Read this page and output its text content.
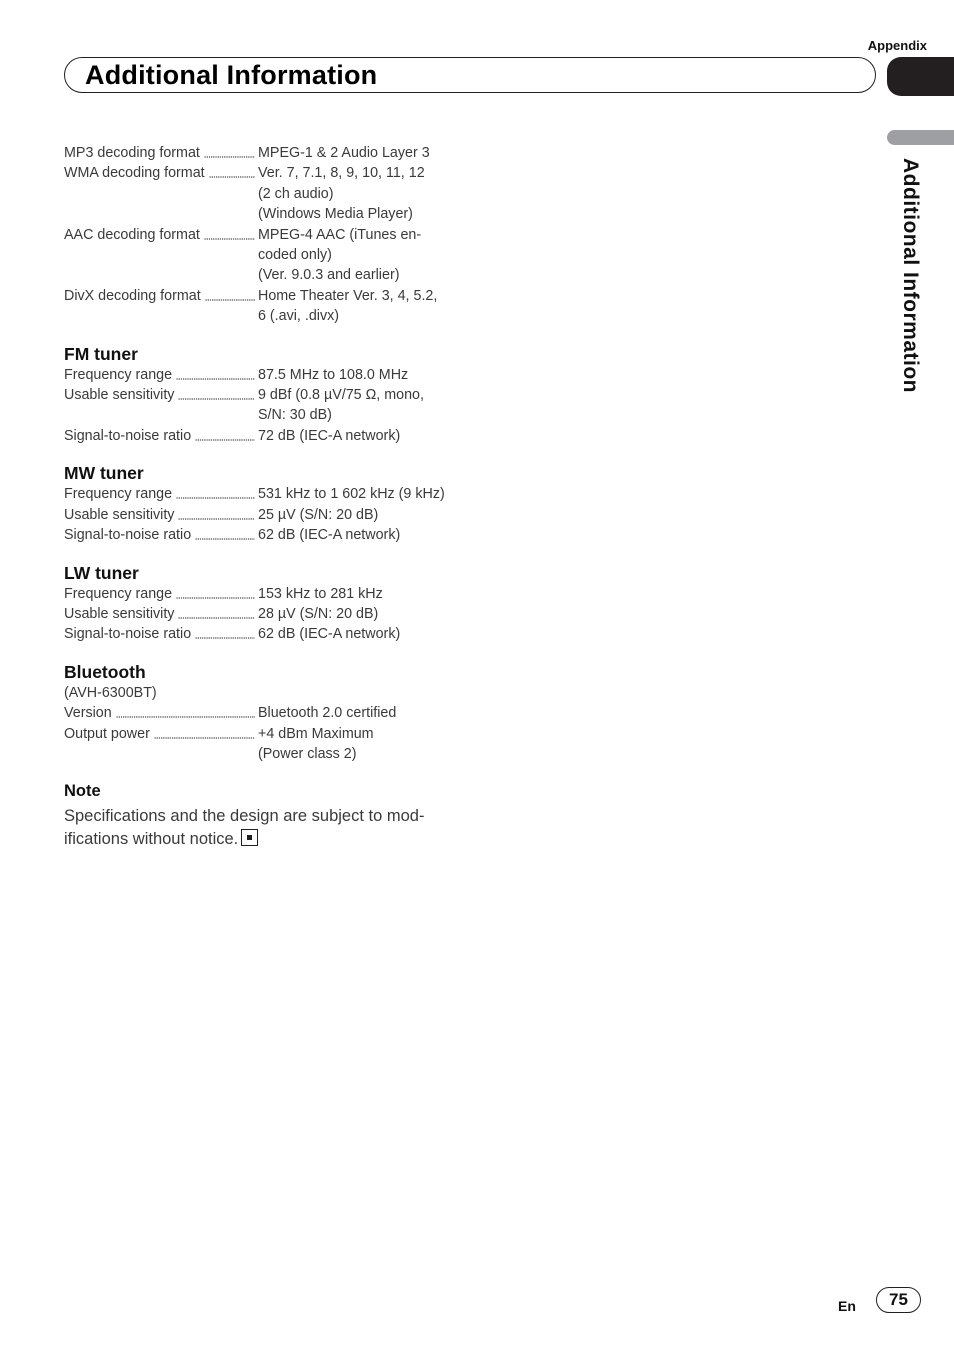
Appendix
Additional Information
Additional Information
MP3 decoding format	MPEG-1 & 2 Audio Layer 3
WMA decoding format	Ver. 7, 7.1, 8, 9, 10, 11, 12
(2 ch audio)
(Windows Media Player)
AAC decoding format	MPEG-4 AAC (iTunes en-
coded only)
(Ver. 9.0.3 and earlier)
DivX decoding format	Home Theater Ver. 3, 4, 5.2,
6 (.avi, .divx)
FM tuner
Frequency range	87.5 MHz to 108.0 MHz
Usable sensitivity	9 dBf (0.8 µV/75 Ω, mono,
S/N: 30 dB)
Signal-to-noise ratio	72 dB (IEC-A network)
MW tuner
Frequency range	531 kHz to 1 602 kHz (9 kHz)
Usable sensitivity	25 µV (S/N: 20 dB)
Signal-to-noise ratio	62 dB (IEC-A network)
LW tuner
Frequency range	153 kHz to 281 kHz
Usable sensitivity	28 µV (S/N: 20 dB)
Signal-to-noise ratio	62 dB (IEC-A network)
Bluetooth
(AVH-6300BT)
Version	Bluetooth 2.0 certified
Output power	+4 dBm Maximum
(Power class 2)
Note
Specifications and the design are subject to mod-
ifications without notice.
En	75
